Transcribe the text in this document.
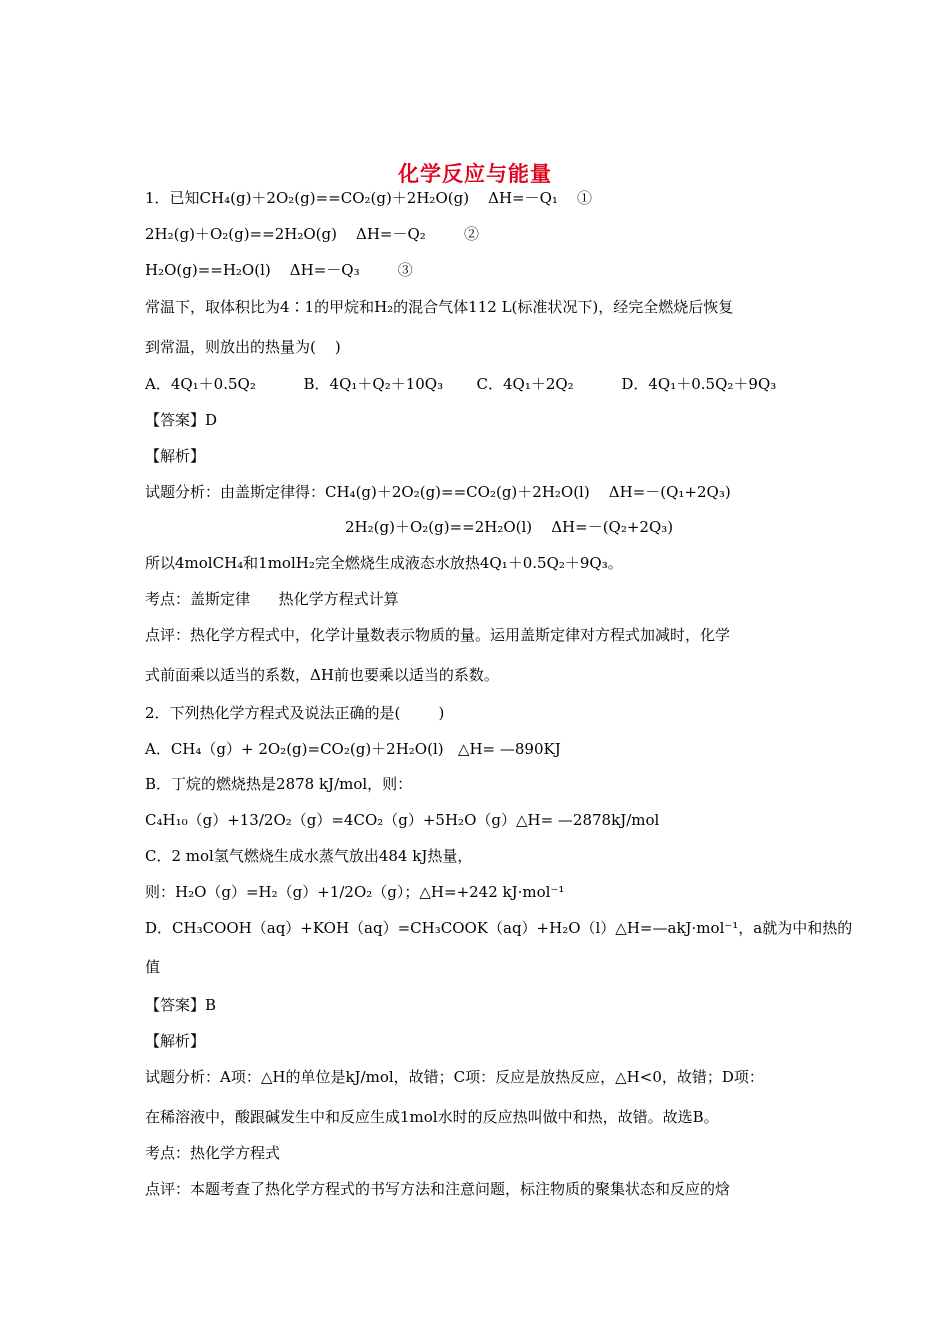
化学反应与能量
1．已知CH₄(g)＋2O₂(g)==CO₂(g)＋2H₂O(g)    ΔH=－Q₁    ①
2H₂(g)＋O₂(g)==2H₂O(g)    ΔH=－Q₂        ②
H₂O(g)==H₂O(l)    ΔH=－Q₃        ③
常温下，取体积比为4∶1的甲烷和H₂的混合气体112 L(标准状况下)，经完全燃烧后恢复
到常温，则放出的热量为(    )
A．4Q₁＋0.5Q₂          B．4Q₁＋Q₂＋10Q₃       C．4Q₁＋2Q₂          D．4Q₁＋0.5Q₂＋9Q₃
【答案】D
【解析】
试题分析：由盖斯定律得：CH₄(g)＋2O₂(g)==CO₂(g)＋2H₂O(l)    ΔH=－(Q₁+2Q₃)
2H₂(g)＋O₂(g)==2H₂O(l)    ΔH=－(Q₂+2Q₃)
所以4molCH₄和1molH₂完全燃烧生成液态水放热4Q₁＋0.5Q₂＋9Q₃。
考点：盖斯定律      热化学方程式计算
点评：热化学方程式中，化学计量数表示物质的量。运用盖斯定律对方程式加减时，化学
式前面乘以适当的系数，ΔH前也要乘以适当的系数。
2．下列热化学方程式及说法正确的是(        )
A．CH₄（g）+ 2O₂(g)=CO₂(g)＋2H₂O(l)   △H= —890KJ
B．丁烷的燃烧热是2878 kJ/mol，则：
C₄H₁₀（g）+13/2O₂（g）=4CO₂（g）+5H₂O（g）△H= —2878kJ/mol
C．2 mol氢气燃烧生成水蒸气放出484 kJ热量，
则：H₂O（g）=H₂（g）+1/2O₂（g）；△H=+242 kJ·mol⁻¹
D．CH₃COOH（aq）+KOH（aq）=CH₃COOK（aq）+H₂O（l）△H=—akJ·mol⁻¹，a就为中和热的
值
【答案】B
【解析】
试题分析：A项：△H的单位是kJ/mol，故错；C项：反应是放热反应，△H<0，故错；D项：
在稀溶液中，酸跟碱发生中和反应生成1mol水时的反应热叫做中和热，故错。故选B。
考点：热化学方程式
点评：本题考查了热化学方程式的书写方法和注意问题，标注物质的聚集状态和反应的焓
